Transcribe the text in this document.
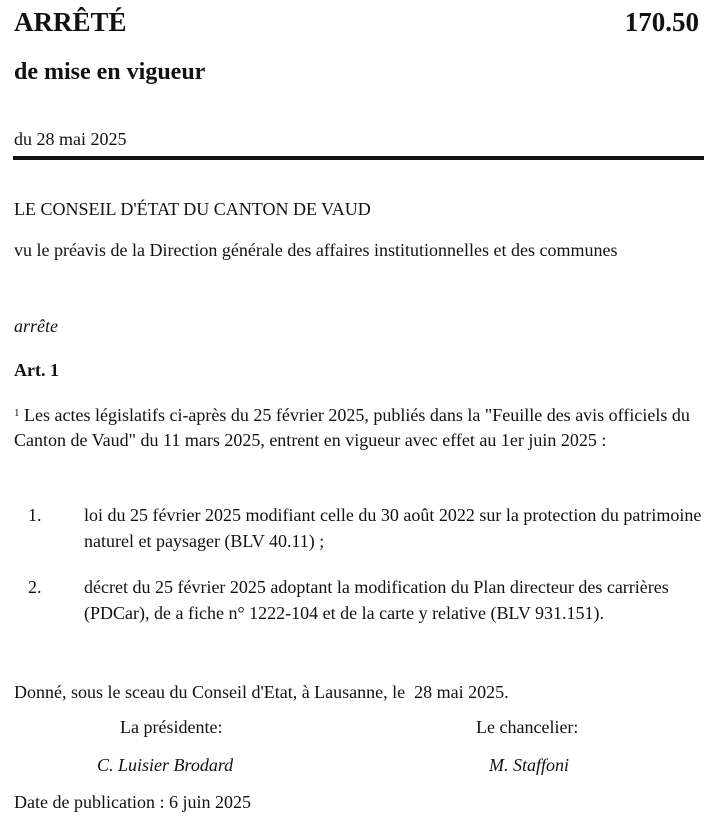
ARRÊTÉ	170.50
de mise en vigueur
du 28 mai 2025

LE CONSEIL D'ÉTAT DU CANTON DE VAUD

vu le préavis de la Direction générale des affaires institutionnelles et des communes

arrête

Art. 1

$^1$ Les actes législatifs ci-après du 25 février 2025, publiés dans la "Feuille des avis officiels du Canton de Vaud" du 11 mars 2025, entrent en vigueur avec effet au 1er juin 2025 :

1. loi du 25 février 2025 modifiant celle du 30 août 2022 sur la protection du patrimoine naturel et paysager (BLV 40.11) ;
2. décret du 25 février 2025 adoptant la modification du Plan directeur des carrières (PDCar), de a fiche n° 1222-104 et de la carte y relative (BLV 931.151).

Donné, sous le sceau du Conseil d'Etat, à Lausanne, le  28 mai 2025.

La présidente:	Le chancelier:
C. Luisier Brodard	M. Staffoni

Date de publication : 6 juin 2025
